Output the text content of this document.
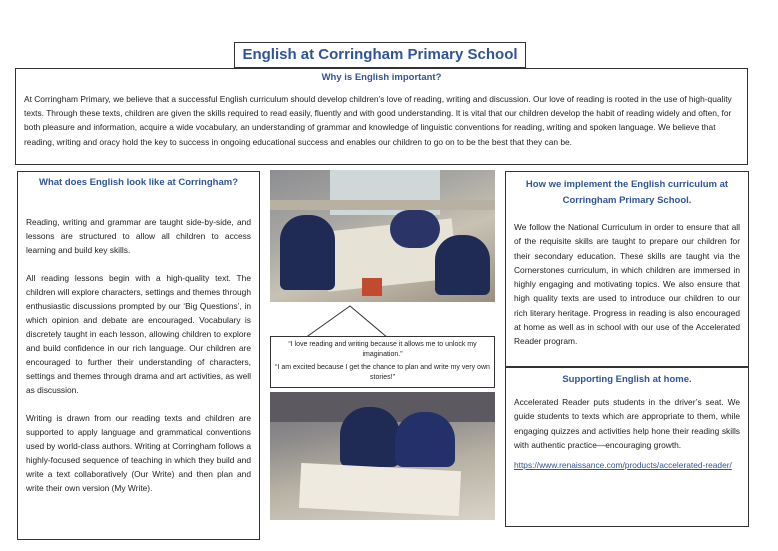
English at Corringham Primary School
Why is English important?

At Corringham Primary, we believe that a successful English curriculum should develop children’s love of reading, writing and discussion. Our love of reading is rooted in the use of high-quality texts. Through these texts, children are given the skills required to read easily, fluently and with good understanding. It is vital that our children develop the habit of reading widely and often, for both pleasure and information, acquire a wide vocabulary, an understanding of grammar and knowledge of linguistic conventions for reading, writing and spoken language. We believe that reading, writing and oracy hold the key to success in ongoing educational success and enables our children to go on to be the best that they can be.

What does English look like at Corringham?

Reading, writing and grammar are taught side-by-side, and lessons are structured to allow all children to access learning and build key skills.

All reading lessons begin with a high-quality text. The children will explore characters, settings and themes through enthusiastic discussions prompted by our ‘Big Questions’, in which opinion and debate are encouraged. Vocabulary is discretely taught in each lesson, allowing children to explore and build confidence in our rich language. Our children are encouraged to further their understanding of characters, settings and themes through drama and art activities, as well as discussion.

Writing is drawn from our reading texts and children are supported to apply language and grammatical conventions used by world-class authors. Writing at Corringham follows a highly-focused sequence of teaching in which they build and write a text collaboratively (Our Write) and then plan and write their own version (My Write).

“I love reading and writing because it allows me to unlock my imagination.”

“I am excited because I get the chance to plan and write my very own stories!”

How we implement the English curriculum at Corringham Primary School.

We follow the National Curriculum in order to ensure that all of the requisite skills are taught to prepare our children for their secondary education. These skills are taught via the Cornerstones curriculum, in which children are immersed in highly engaging and motivating topics. We also ensure that high quality texts are used to introduce our children to our rich literary heritage. Progress in reading is also encouraged at home as well as in school with our use of the Accelerated Reader program.

Supporting English at home.

Accelerated Reader puts students in the driver’s seat. We guide students to texts which are appropriate to them, while engaging quizzes and activities help hone their reading skills with authentic practice—encouraging growth.

https://www.renaissance.com/products/accelerated-reader/
